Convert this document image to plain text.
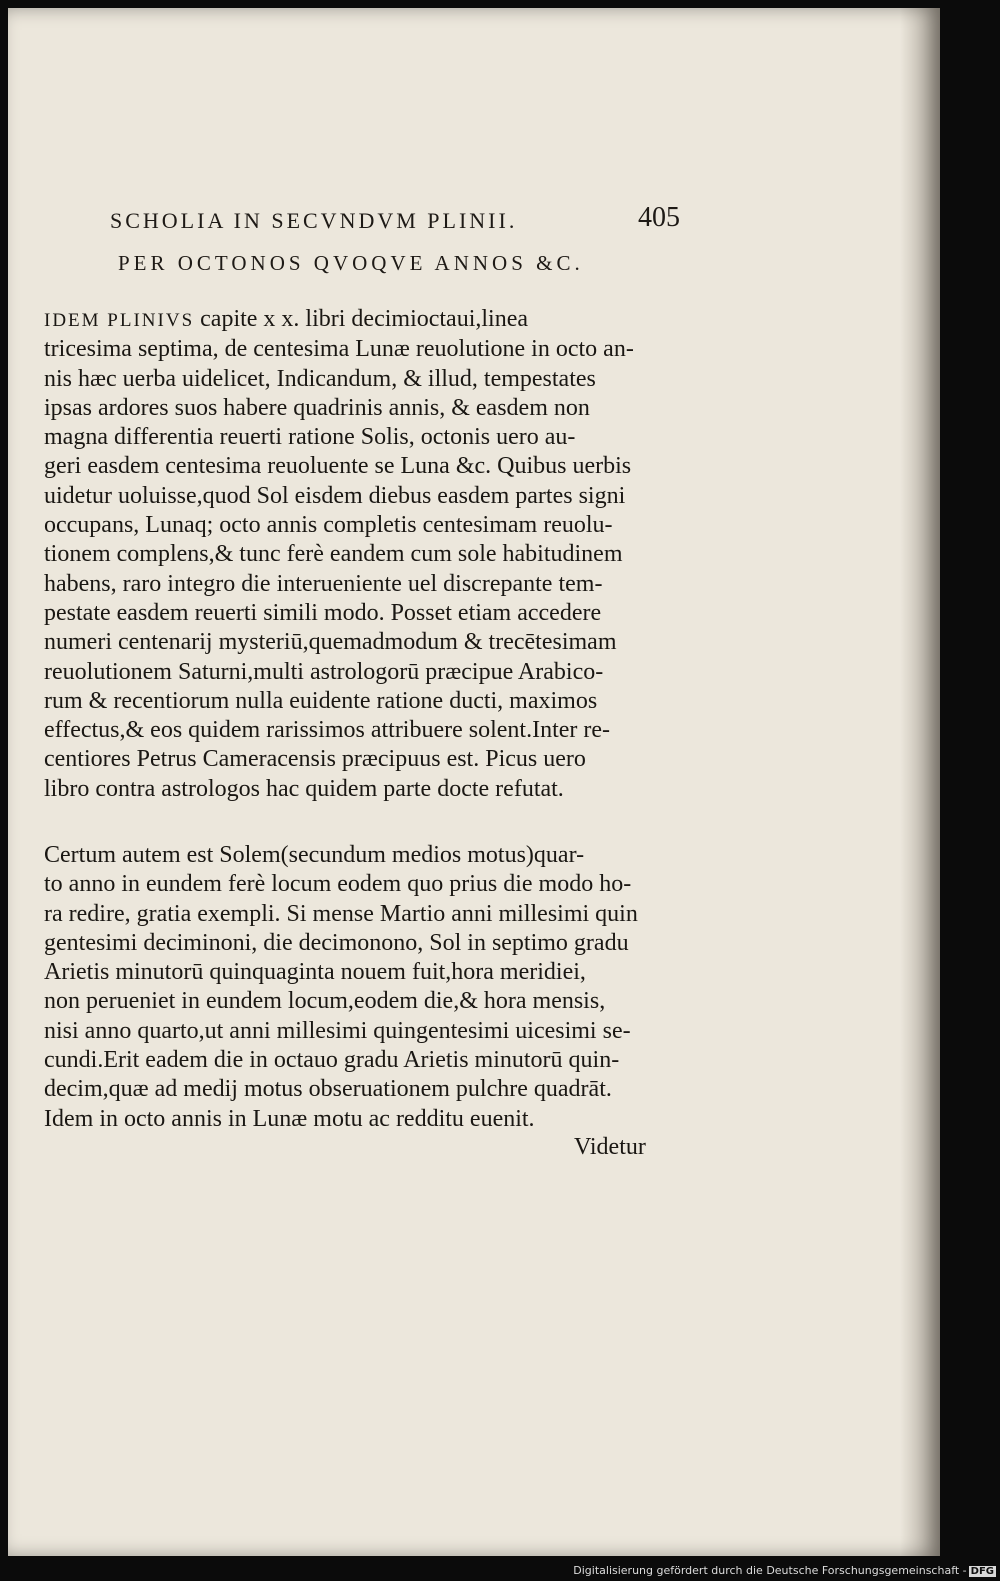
SCHOLIA IN SECVNDVM PLINII.	405
PER OCTONOS QVOQVE ANNOS &C.
IDEM PLINIVS capite x x. libri decimioctaui,linea
tricesima septima, de centesima Lunæ reuolutione in octo an-
nis hæc uerba uidelicet, Indicandum, & illud, tempestates
ipsas ardores suos habere quadrinis annis, & easdem non
magna differentia reuerti ratione Solis, octonis uero au-
geri easdem centesima reuoluente se Luna &c. Quibus uerbis
uidetur uoluisse,quod Sol eisdem diebus easdem partes signi
occupans, Lunaq; octo annis completis centesimam reuolu-
tionem complens,& tunc ferè eandem cum sole habitudinem
habens, raro integro die interueniente uel discrepante tem-
pestate easdem reuerti simili modo. Posset etiam accedere
numeri centenarij mysteriū,quemadmodum & trecētesimam
reuolutionem Saturni,multi astrologorū præcipue Arabico-
rum & recentiorum nulla euidente ratione ducti, maximos
effectus,& eos quidem rarissimos attribuere solent.Inter re-
centiores Petrus Cameracensis præcipuus est. Picus uero
libro contra astrologos hac quidem parte docte refutat.
Certum autem est Solem(secundum medios motus)quar-
to anno in eundem ferè locum eodem quo prius die modo ho-
ra redire, gratia exempli. Si mense Martio anni millesimi quin
gentesimi deciminoni, die decimonono, Sol in septimo gradu
Arietis minutorū quinquaginta nouem fuit,hora meridiei,
non perueniet in eundem locum,eodem die,& hora mensis,
nisi anno quarto,ut anni millesimi quingentesimi uicesimi se-
cundi.Erit eadem die in octauo gradu Arietis minutorū quin-
decim,quæ ad medij motus obseruationem pulchre quadrāt.
Idem in octo annis in Lunæ motu ac redditu euenit.
Videtur
Digitalisierung gefördert durch die Deutsche Forschungsgemeinschaft - DFG
